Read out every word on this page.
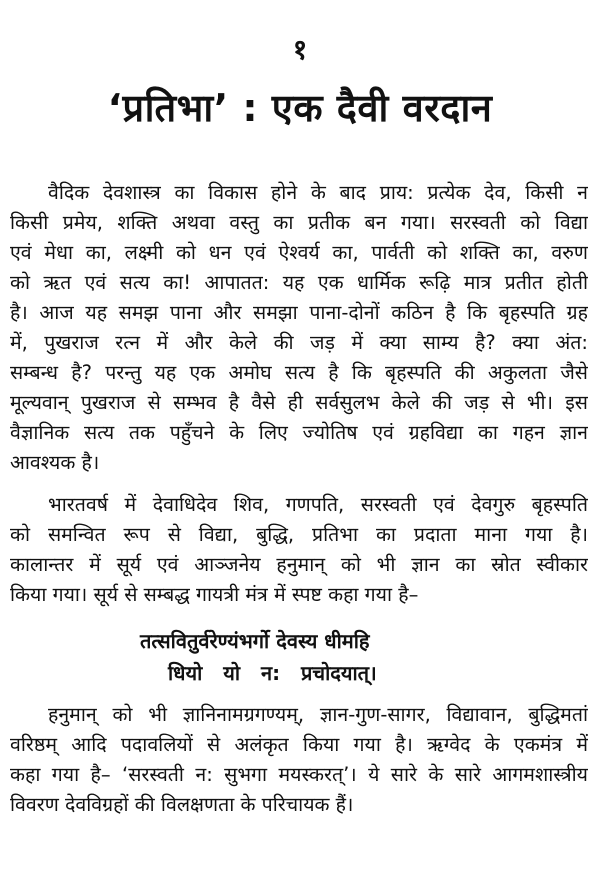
१
‘प्रतिभा’ : एक दैवी वरदान
वैदिक देवशास्त्र का विकास होने के बाद प्राय: प्रत्येक देव, किसी न
किसी प्रमेय, शक्ति अथवा वस्तु का प्रतीक बन गया। सरस्वती को विद्या
एवं मेधा का, लक्ष्मी को धन एवं ऐश्वर्य का, पार्वती को शक्ति का, वरुण
को ऋत एवं सत्य का! आपातत: यह एक धार्मिक रूढ़ि मात्र प्रतीत होती
है। आज यह समझ पाना और समझा पाना-दोनों कठिन है कि बृहस्पति ग्रह
में, पुखराज रत्न में और केले की जड़ में क्या साम्य है? क्या अंत:
सम्बन्ध है? परन्तु यह एक अमोघ सत्य है कि बृहस्पति की अकुलता जैसे
मूल्यवान् पुखराज से सम्भव है वैसे ही सर्वसुलभ केले की जड़ से भी। इस
वैज्ञानिक सत्य तक पहुँचने के लिए ज्योतिष एवं ग्रहविद्या का गहन ज्ञान
आवश्यक है।
भारतवर्ष में देवाधिदेव शिव, गणपति, सरस्वती एवं देवगुरु बृहस्पति
को समन्वित रूप से विद्या, बुद्धि, प्रतिभा का प्रदाता माना गया है।
कालान्तर में सूर्य एवं आञ्जनेय हनुमान् को भी ज्ञान का स्रोत स्वीकार
किया गया। सूर्य से सम्बद्ध गायत्री मंत्र में स्पष्ट कहा गया है–
तत्सवितुर्वरेण्यंभर्गो देवस्य धीमहि
धियो यो न: प्रचोदयात्।
हनुमान् को भी ज्ञानिनामग्रगण्यम्, ज्ञान-गुण-सागर, विद्यावान, बुद्धिमतां
वरिष्ठम् आदि पदावलियों से अलंकृत किया गया है। ऋग्वेद के एकमंत्र में
कहा गया है– ‘सरस्वती न: सुभगा मयस्करत्’। ये सारे के सारे आगमशास्त्रीय
विवरण देवविग्रहों की विलक्षणता के परिचायक हैं।
